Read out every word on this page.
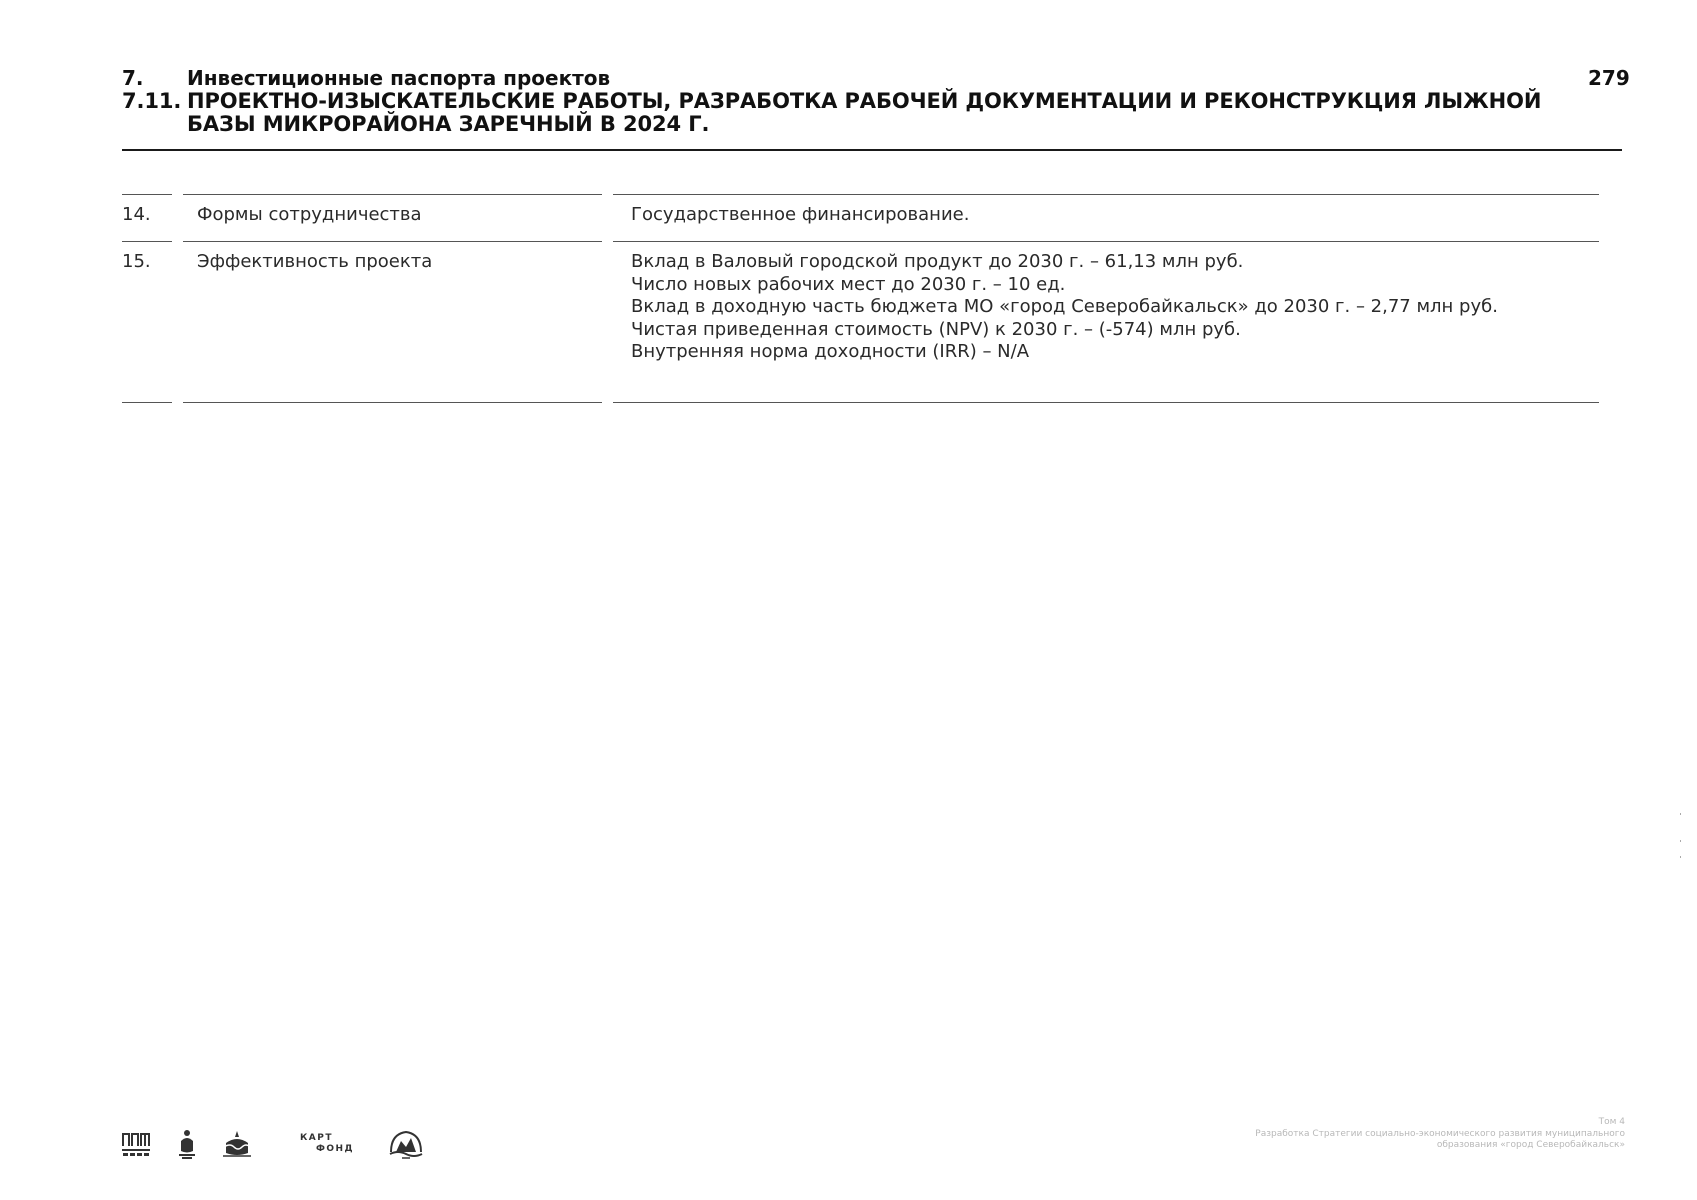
7.	Инвестиционные паспорта проектов
7.11. ПРОЕКТНО-ИЗЫСКАТЕЛЬСКИЕ РАБОТЫ, РАЗРАБОТКА РАБОЧЕЙ ДОКУМЕНТАЦИИ И РЕКОНСТРУКЦИЯ ЛЫЖНОЙ БАЗЫ МИКРОРАЙОНА ЗАРЕЧНЫЙ В 2024 Г.
279
14.	Формы сотрудничества	Государственное финансирование.
15.	Эффективность проекта	Вклад в Валовый городской продукт до 2030 г. – 61,13 млн руб.
Число новых рабочих мест до 2030 г. – 10 ед.
Вклад в доходную часть бюджета МО «город Северобайкальск» до 2030 г. – 2,77 млн руб.
Чистая приведенная стоимость (NPV) к 2030 г. – (-574) млн руб.
Внутренняя норма доходности (IRR) – N/A
КАРТ
ФОНД
Том 4
Разработка Стратегии социально-экономического развития муниципального
образования «город Северобайкальск»
